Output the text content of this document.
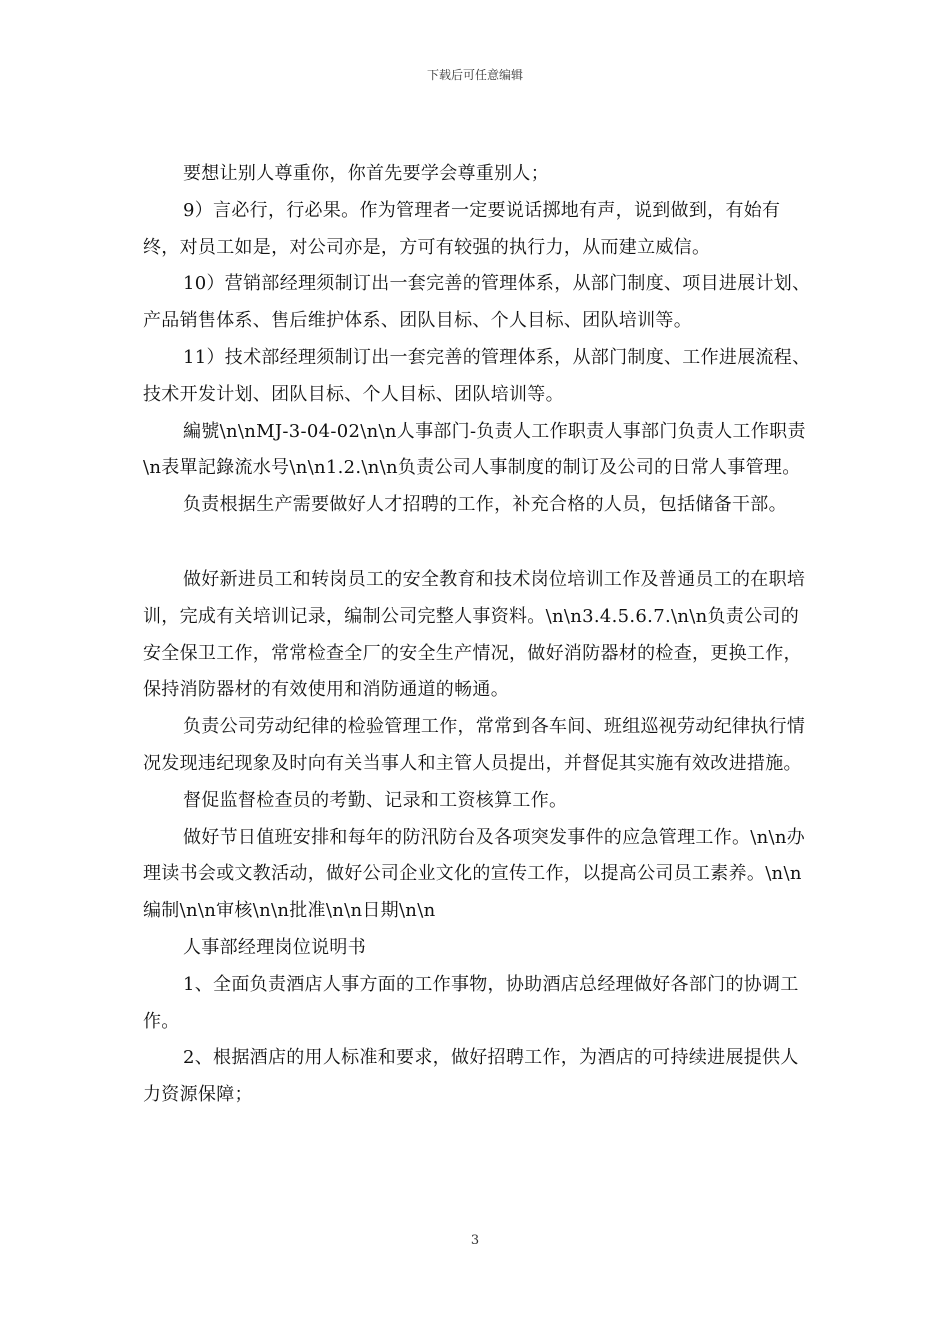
下载后可任意编辑

要想让别人尊重你，你首先要学会尊重别人；

9）言必行，行必果。作为管理者一定要说话掷地有声，说到做到，有始有终，对员工如是，对公司亦是，方可有较强的执行力，从而建立威信。

10）营销部经理须制订出一套完善的管理体系，从部门制度、项目进展计划、产品销售体系、售后维护体系、团队目标、个人目标、团队培训等。

11）技术部经理须制订出一套完善的管理体系，从部门制度、工作进展流程、技术开发计划、团队目标、个人目标、团队培训等。

編號\n\nMJ-3-04-02\n\n人事部门-负责人工作职责人事部门负责人工作职责\n表單記錄流水号\n\n1.2.\n\n负责公司人事制度的制订及公司的日常人事管理。

负责根据生产需要做好人才招聘的工作，补充合格的人员，包括储备干部。

做好新进员工和转岗员工的安全教育和技术岗位培训工作及普通员工的在职培训，完成有关培训记录，编制公司完整人事资料。\n\n3.4.5.6.7.\n\n负责公司的安全保卫工作，常常检查全厂的安全生产情况，做好消防器材的检查，更换工作，保持消防器材的有效使用和消防通道的畅通。

负责公司劳动纪律的检验管理工作，常常到各车间、班组巡视劳动纪律执行情况发现违纪现象及时向有关当事人和主管人员提出，并督促其实施有效改进措施。

督促监督检查员的考勤、记录和工资核算工作。

做好节日值班安排和每年的防汛防台及各项突发事件的应急管理工作。\n\n办理读书会或文教活动，做好公司企业文化的宣传工作，以提高公司员工素养。\n\n编制\n\n审核\n\n批准\n\n日期\n\n

人事部经理岗位说明书

1、全面负责酒店人事方面的工作事物，协助酒店总经理做好各部门的协调工作。

2、根据酒店的用人标准和要求，做好招聘工作，为酒店的可持续进展提供人力资源保障；

3
